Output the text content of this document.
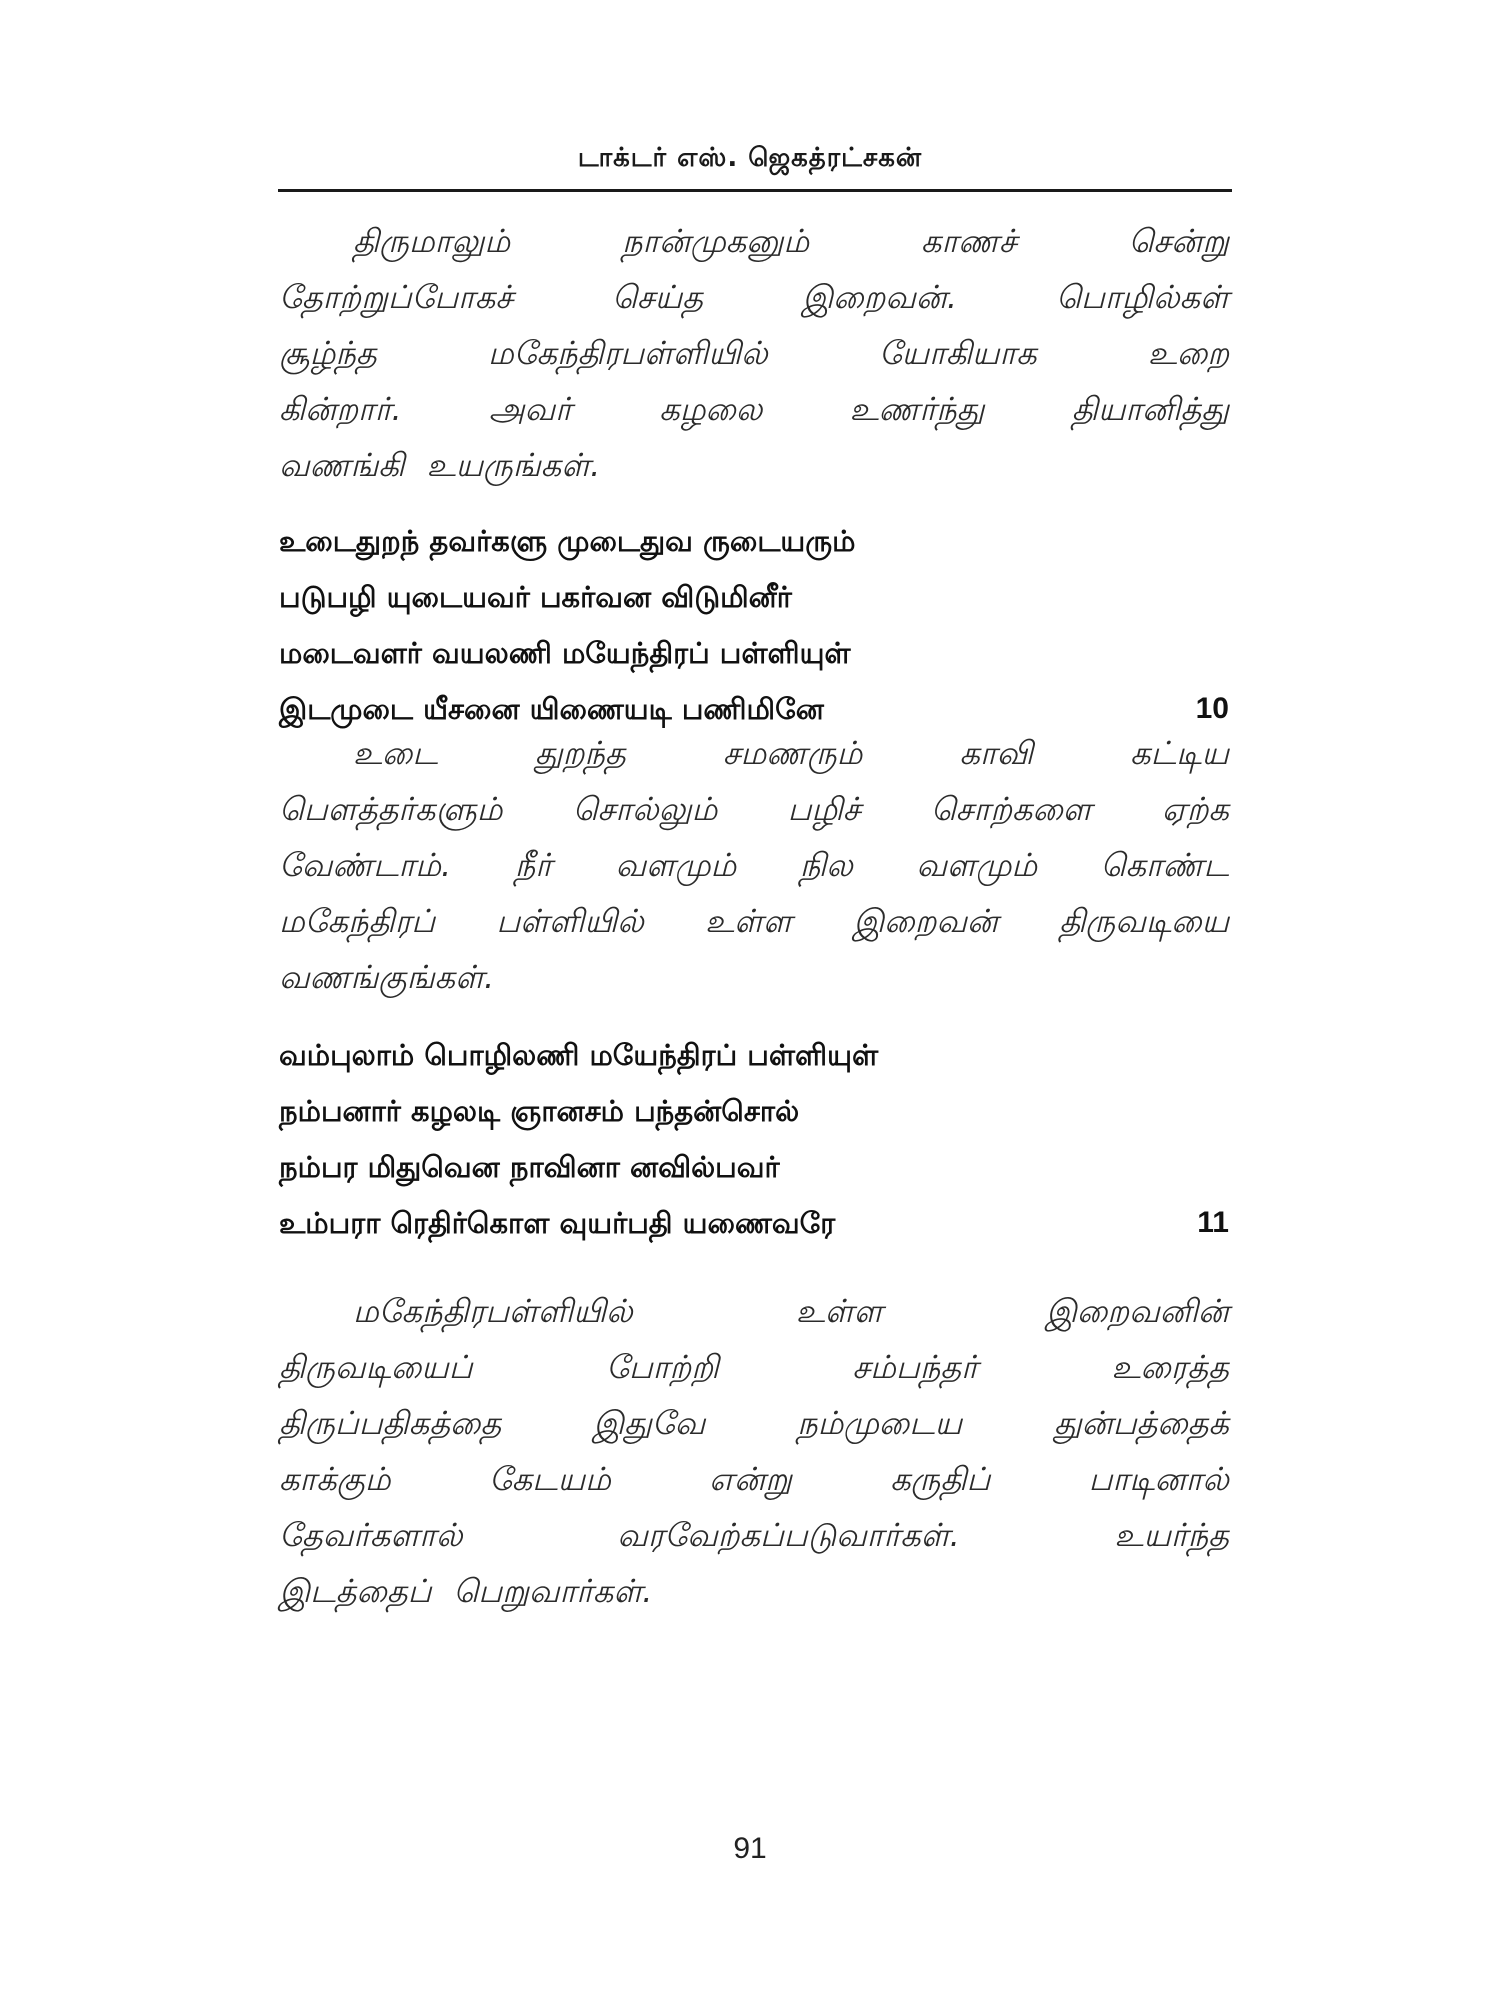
டாக்டர் எஸ். ஜெகத்ரட்சகன்
திருமாலும்	நான்முகனும்	காணச்	சென்று
தோற்றுப்போகச்	செய்த	இறைவன்.	பொழில்கள்
சூழ்ந்த	மகேந்திரபள்ளியில்	யோகியாக	உறை
கின்றார்.	அவர்	கழலை	உணர்ந்து	தியானித்து
வணங்கி உயருங்கள்.
உடைதுறந் தவர்களு முடைதுவ ருடையரும்
படுபழி யுடையவர் பகர்வன விடுமினீர்
மடைவளர் வயலணி மயேந்திரப் பள்ளியுள்
இடமுடை யீசனை யிணையடி பணிமினே	10
உடை	துறந்த	சமணரும்	காவி	கட்டிய
பௌத்தர்களும் சொல்லும் பழிச் சொற்களை ஏற்க
வேண்டாம். நீர் வளமும் நில வளமும் கொண்ட
மகேந்திரப் பள்ளியில் உள்ள இறைவன் திருவடியை
வணங்குங்கள்.
வம்புலாம் பொழிலணி மயேந்திரப் பள்ளியுள்
நம்பனார் கழலடி ஞானசம் பந்தன்சொல்
நம்பர மிதுவென நாவினா னவில்பவர்
உம்பரா ரெதிர்கொள வுயர்பதி யணைவரே	11
மகேந்திரபள்ளியில்	உள்ள	இறைவனின்
திருவடியைப்	போற்றி	சம்பந்தர்	உரைத்த
திருப்பதிகத்தை	இதுவே	நம்முடைய	துன்பத்தைக்
காக்கும்	கேடயம்	என்று	கருதிப்	பாடினால்
தேவர்களால்	வரவேற்கப்படுவார்கள்.	உயர்ந்த
இடத்தைப் பெறுவார்கள்.
91
